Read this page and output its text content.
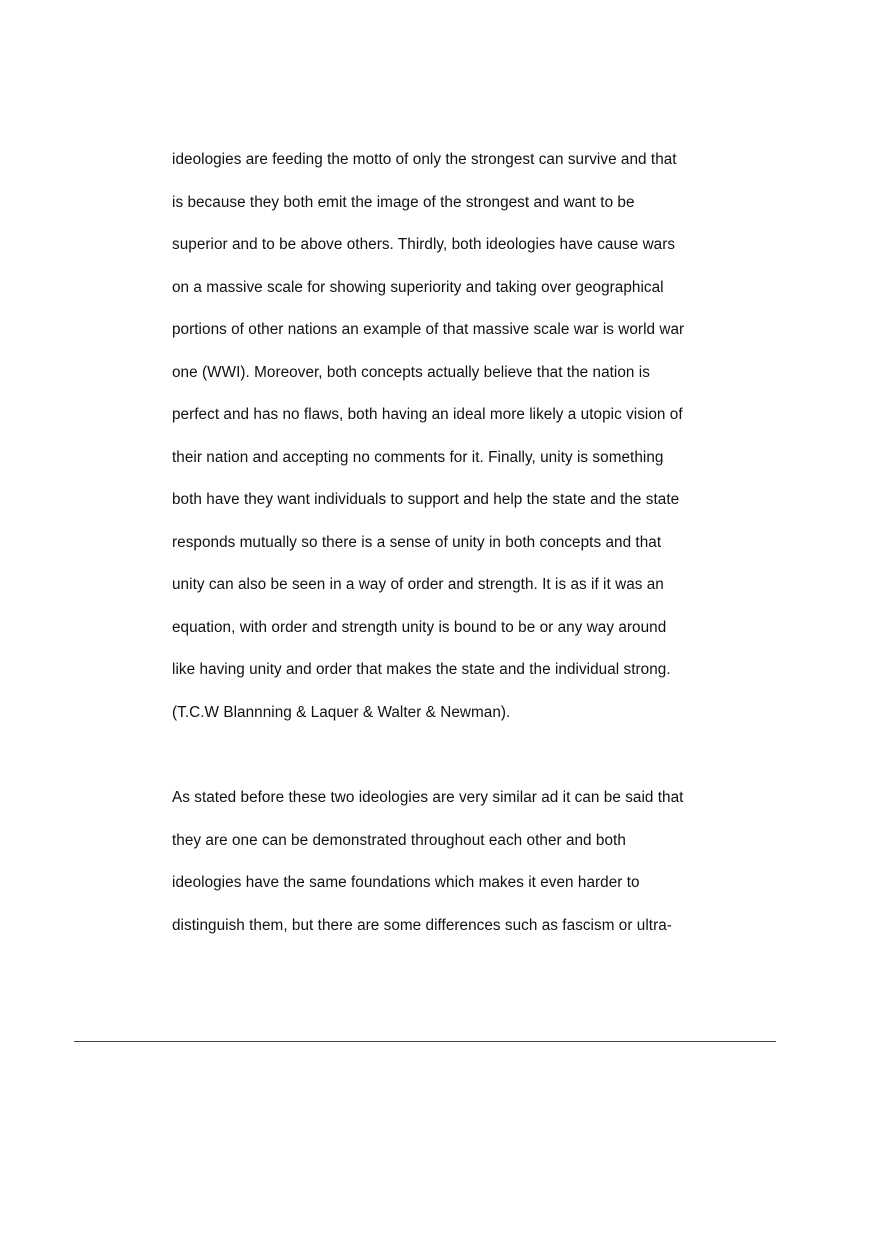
ideologies are feeding the motto of only the strongest can survive and that
is because they both emit the image of the strongest and want to be
superior and to be above others. Thirdly, both ideologies have cause wars
on a massive scale for showing superiority and taking over geographical
portions of other nations an example of that massive scale war is world war
one (WWI). Moreover, both concepts actually believe that the nation is
perfect and has no flaws, both having an ideal more likely a utopic vision of
their nation and accepting no comments for it. Finally, unity is something
both have they want individuals to support and help the state and the state
responds mutually so there is a sense of unity in both concepts and that
unity can also be seen in a way of order and strength. It is as if it was an
equation, with order and strength unity is bound to be or any way around
like having unity and order that makes the state and the individual strong.
(T.C.W Blannning & Laquer & Walter & Newman).
As stated before these two ideologies are very similar ad it can be said that
they are one can be demonstrated throughout each other and both
ideologies have the same foundations which makes it even harder to
distinguish them, but there are some differences such as fascism or ultra-
